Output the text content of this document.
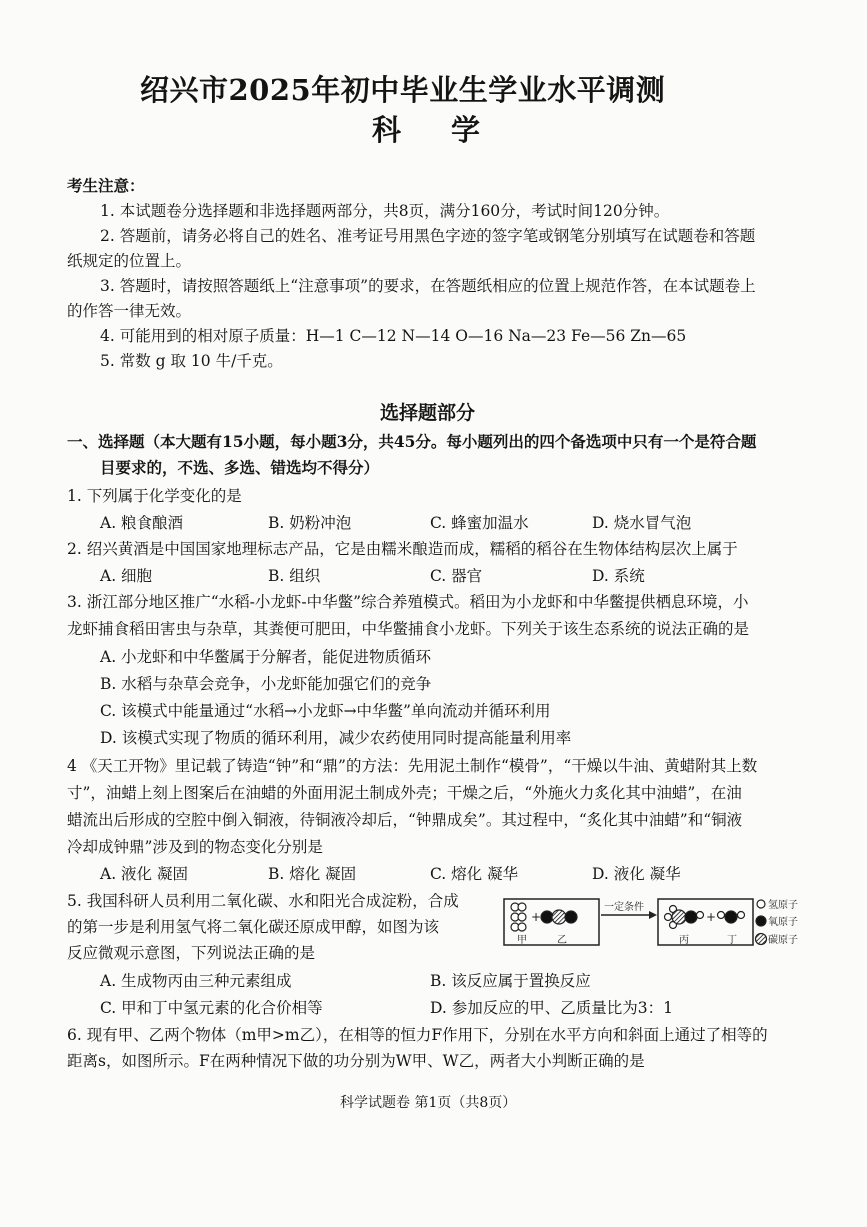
绍兴市2025年初中毕业生学业水平调测
科学
考生注意：
1. 本试题卷分选择题和非选择题两部分，共8页，满分160分，考试时间120分钟。
2. 答题前，请务必将自己的姓名、准考证号用黑色字迹的签字笔或钢笔分别填写在试题卷和答题
纸规定的位置上。
3. 答题时，请按照答题纸上“注意事项”的要求，在答题纸相应的位置上规范作答，在本试题卷上
的作答一律无效。
4. 可能用到的相对原子质量：H—1 C—12 N—14 O—16 Na—23 Fe—56 Zn—65
5. 常数 g 取 10 牛/千克。
选择题部分
一、选择题（本大题有15小题，每小题3分，共45分。每小题列出的四个备选项中只有一个是符合题
目要求的，不选、多选、错选均不得分）
1. 下列属于化学变化的是
A. 粮食酿酒	B. 奶粉冲泡	C. 蜂蜜加温水	D. 烧水冒气泡
2. 绍兴黄酒是中国国家地理标志产品，它是由糯米酿造而成，糯稻的稻谷在生物体结构层次上属于
A. 细胞	B. 组织	C. 器官	D. 系统
3. 浙江部分地区推广“水稻-小龙虾-中华鳖”综合养殖模式。稻田为小龙虾和中华鳖提供栖息环境，小
龙虾捕食稻田害虫与杂草，其粪便可肥田，中华鳖捕食小龙虾。下列关于该生态系统的说法正确的是
A. 小龙虾和中华鳖属于分解者，能促进物质循环
B. 水稻与杂草会竞争，小龙虾能加强它们的竞争
C. 该模式中能量通过“水稻→小龙虾→中华鳖”单向流动并循环利用
D. 该模式实现了物质的循环利用，减少农药使用同时提高能量利用率
4 《天工开物》里记载了铸造“钟”和“鼎”的方法：先用泥土制作“模骨”，“干燥以牛油、黄蜡附其上数
寸”，油蜡上刻上图案后在油蜡的外面用泥土制成外壳；干燥之后，“外施火力炙化其中油蜡”，在油
蜡流出后形成的空腔中倒入铜液，待铜液冷却后，“钟鼎成矣”。其过程中，“炙化其中油蜡”和“铜液
冷却成钟鼎”涉及到的物态变化分别是
A. 液化 凝固	B. 熔化 凝固	C. 熔化 凝华	D. 液化 凝华
5. 我国科研人员利用二氧化碳、水和阳光合成淀粉，合成
的第一步是利用氢气将二氧化碳还原成甲醇，如图为该
反应微观示意图，下列说法正确的是
A. 生成物丙由三种元素组成	B. 该反应属于置换反应
C. 甲和丁中氢元素的化合价相等	D. 参加反应的甲、乙质量比为3：1
+
甲	乙
一定条件
+
丙	丁
氢原子
氧原子
碳原子
6. 现有甲、乙两个物体（m甲>m乙），在相等的恒力F作用下，分别在水平方向和斜面上通过了相等的
距离s，如图所示。F在两种情况下做的功分别为W甲、W乙，两者大小判断正确的是
科学试题卷 第1页（共8页）
